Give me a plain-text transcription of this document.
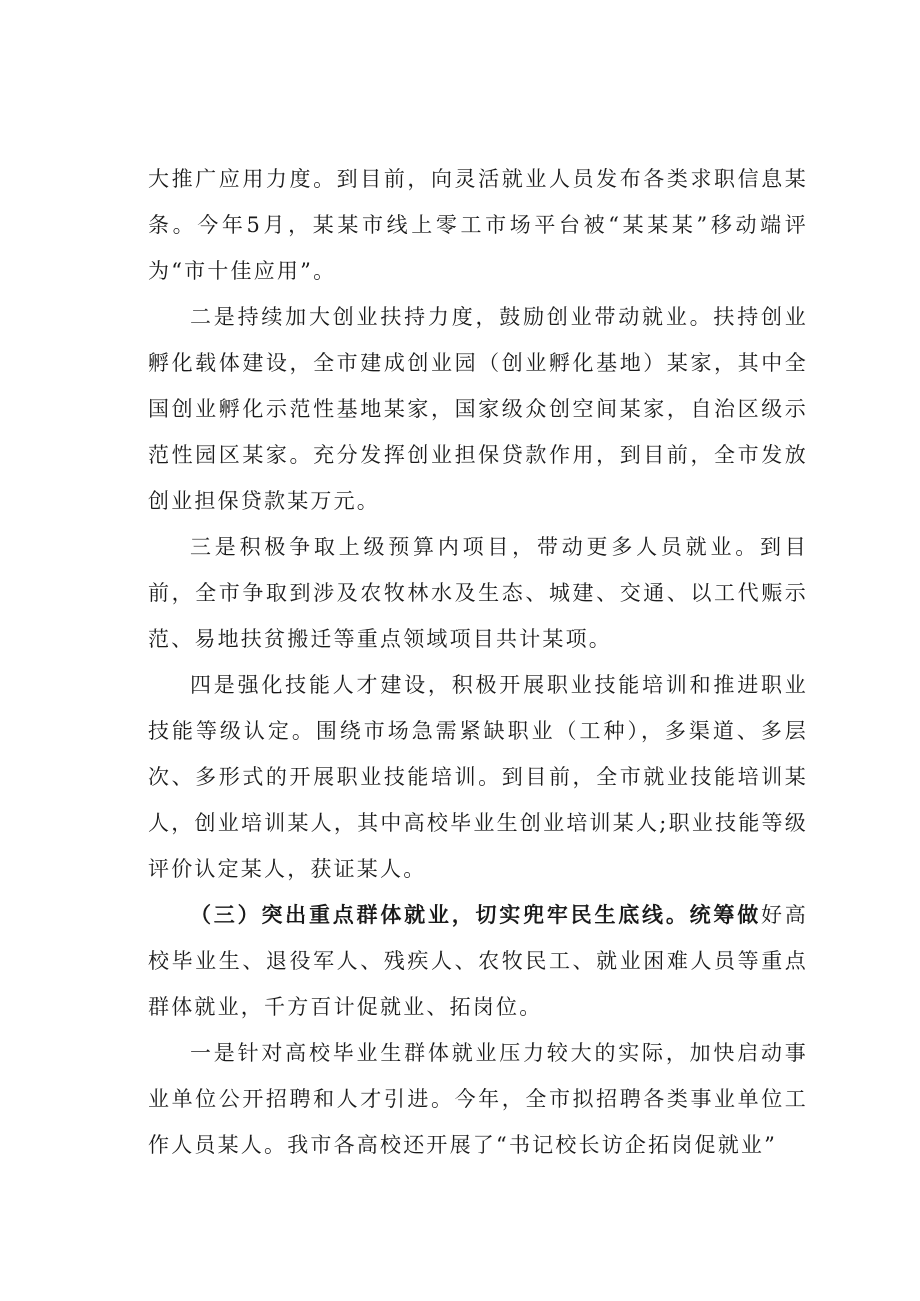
大推广应用力度。到目前，向灵活就业人员发布各类求职信息某条。今年5月，某某市线上零工市场平台被“某某某”移动端评为“市十佳应用”。

二是持续加大创业扶持力度，鼓励创业带动就业。扶持创业孵化载体建设，全市建成创业园（创业孵化基地）某家，其中全国创业孵化示范性基地某家，国家级众创空间某家，自治区级示范性园区某家。充分发挥创业担保贷款作用，到目前，全市发放创业担保贷款某万元。

三是积极争取上级预算内项目，带动更多人员就业。到目前，全市争取到涉及农牧林水及生态、城建、交通、以工代赈示范、易地扶贫搬迁等重点领域项目共计某项。

四是强化技能人才建设，积极开展职业技能培训和推进职业技能等级认定。围绕市场急需紧缺职业（工种），多渠道、多层次、多形式的开展职业技能培训。到目前，全市就业技能培训某人，创业培训某人，其中高校毕业生创业培训某人;职业技能等级评价认定某人，获证某人。

（三）突出重点群体就业，切实兜牢民生底线。统筹做好高校毕业生、退役军人、残疾人、农牧民工、就业困难人员等重点群体就业，千方百计促就业、拓岗位。

一是针对高校毕业生群体就业压力较大的实际，加快启动事业单位公开招聘和人才引进。今年，全市拟招聘各类事业单位工作人员某人。我市各高校还开展了“书记校长访企拓岗促就业”
